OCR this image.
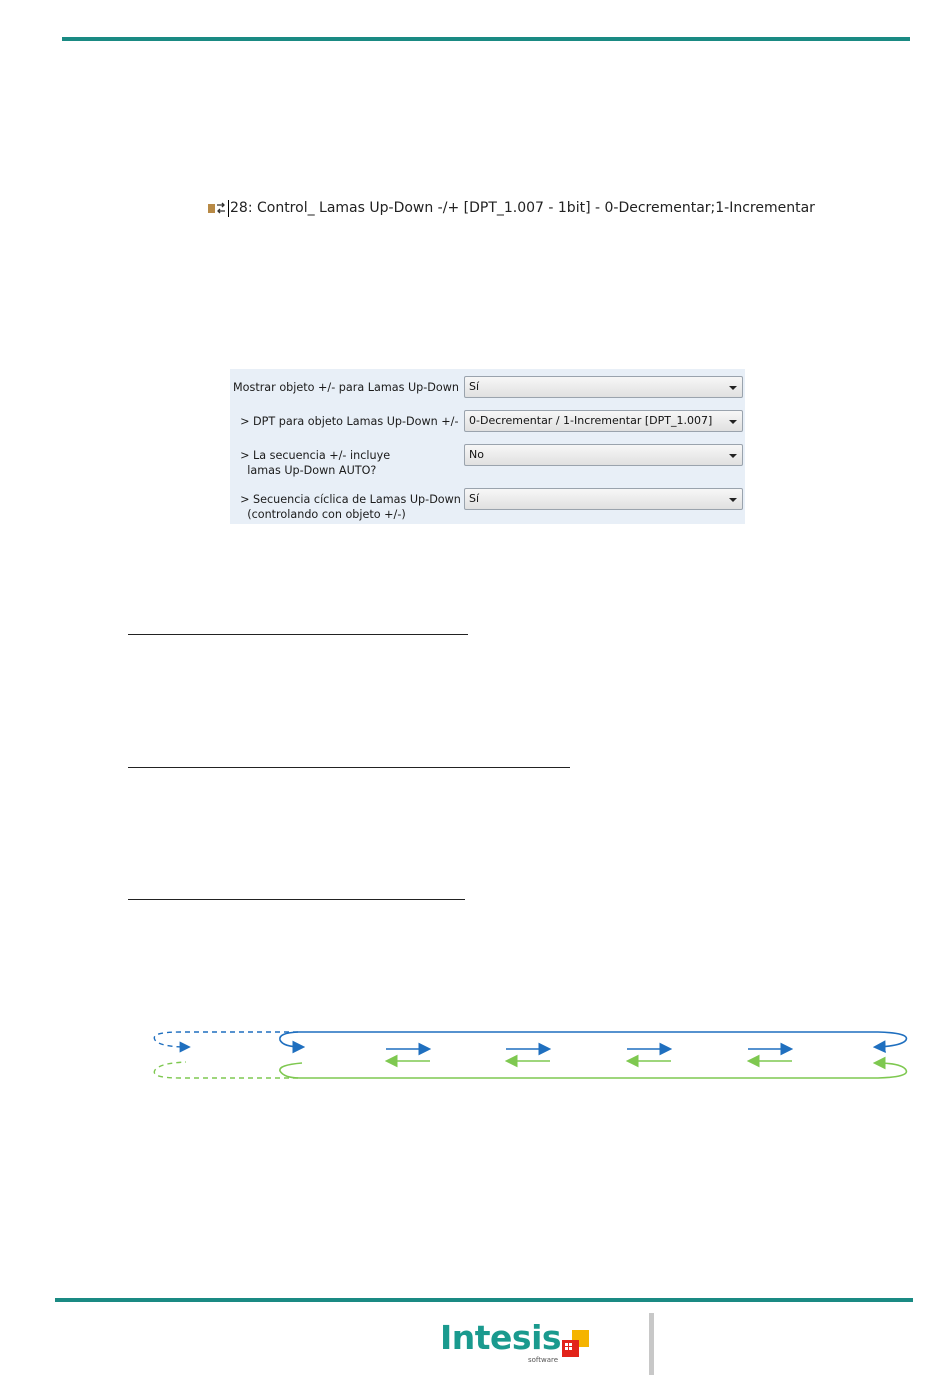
28: Control_ Lamas Up-Down -/+ [DPT_1.007 - 1bit] - 0-Decrementar;1-Incrementar
Mostrar objeto +/- para Lamas Up-Down Sí
> DPT para objeto Lamas Up-Down +/- 0-Decrementar / 1-Incrementar [DPT_1.007]
> La secuencia +/- incluye
lamas Up-Down AUTO?
No
> Secuencia cíclica de Lamas Up-Down
(controlando con objeto +/-)
Sí
Intesis
software
